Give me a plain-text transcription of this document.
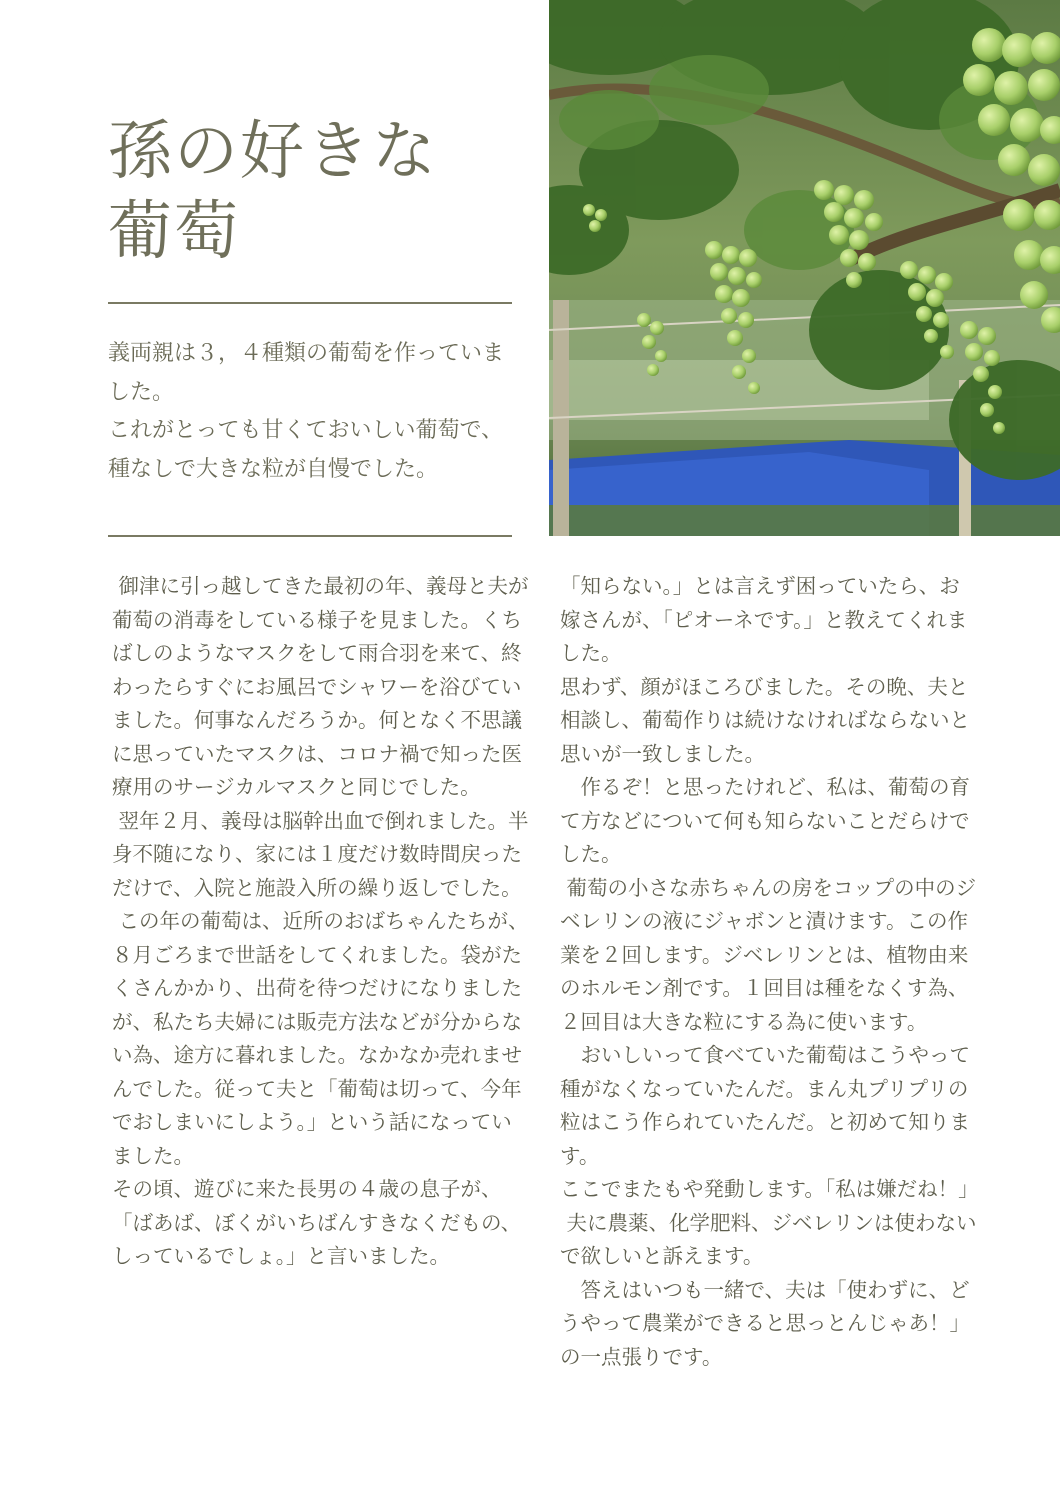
孫の好きな
葡萄

義両親は３，４種類の葡萄を作っていました。

これがとっても甘くておいしい葡萄で、種なしで大きな粒が自慢でした。

御津に引っ越してきた最初の年、義母と夫が葡萄の消毒をしている様子を見ました。くちばしのようなマスクをして雨合羽を来て、終わったらすぐにお風呂でシャワーを浴びていました。何事なんだろうか。何となく不思議に思っていたマスクは、コロナ禍で知った医療用のサージカルマスクと同じでした。

翌年２月、義母は脳幹出血で倒れました。半身不随になり、家には１度だけ数時間戻っただけで、入院と施設入所の繰り返しでした。

この年の葡萄は、近所のおばちゃんたちが、８月ごろまで世話をしてくれました。袋がたくさんかかり、出荷を待つだけになりましたが、私たち夫婦には販売方法などが分からない為、途方に暮れました。なかなか売れませんでした。従って夫と「葡萄は切って、今年でおしまいにしよう。」という話になっていました。

その頃、遊びに来た長男の４歳の息子が、「ばあば、ぼくがいちばんすきなくだもの、しっているでしょ。」と言いました。

「知らない。」とは言えず困っていたら、お嫁さんが、「ピオーネです。」と教えてくれました。

思わず、顔がほころびました。その晩、夫と相談し、葡萄作りは続けなければならないと思いが一致しました。

　作るぞ！と思ったけれど、私は、葡萄の育て方などについて何も知らないことだらけでした。

葡萄の小さな赤ちゃんの房をコップの中のジベレリンの液にジャボンと漬けます。この作業を２回します。ジベレリンとは、植物由来のホルモン剤です。１回目は種をなくす為、２回目は大きな粒にする為に使います。

　おいしいって食べていた葡萄はこうやって種がなくなっていたんだ。まん丸プリプリの粒はこう作られていたんだ。と初めて知ります。

ここでまたもや発動します。「私は嫌だね！」

夫に農薬、化学肥料、ジベレリンは使わないで欲しいと訴えます。

　答えはいつも一緒で、夫は「使わずに、どうやって農業ができると思っとんじゃあ！」の一点張りです。
